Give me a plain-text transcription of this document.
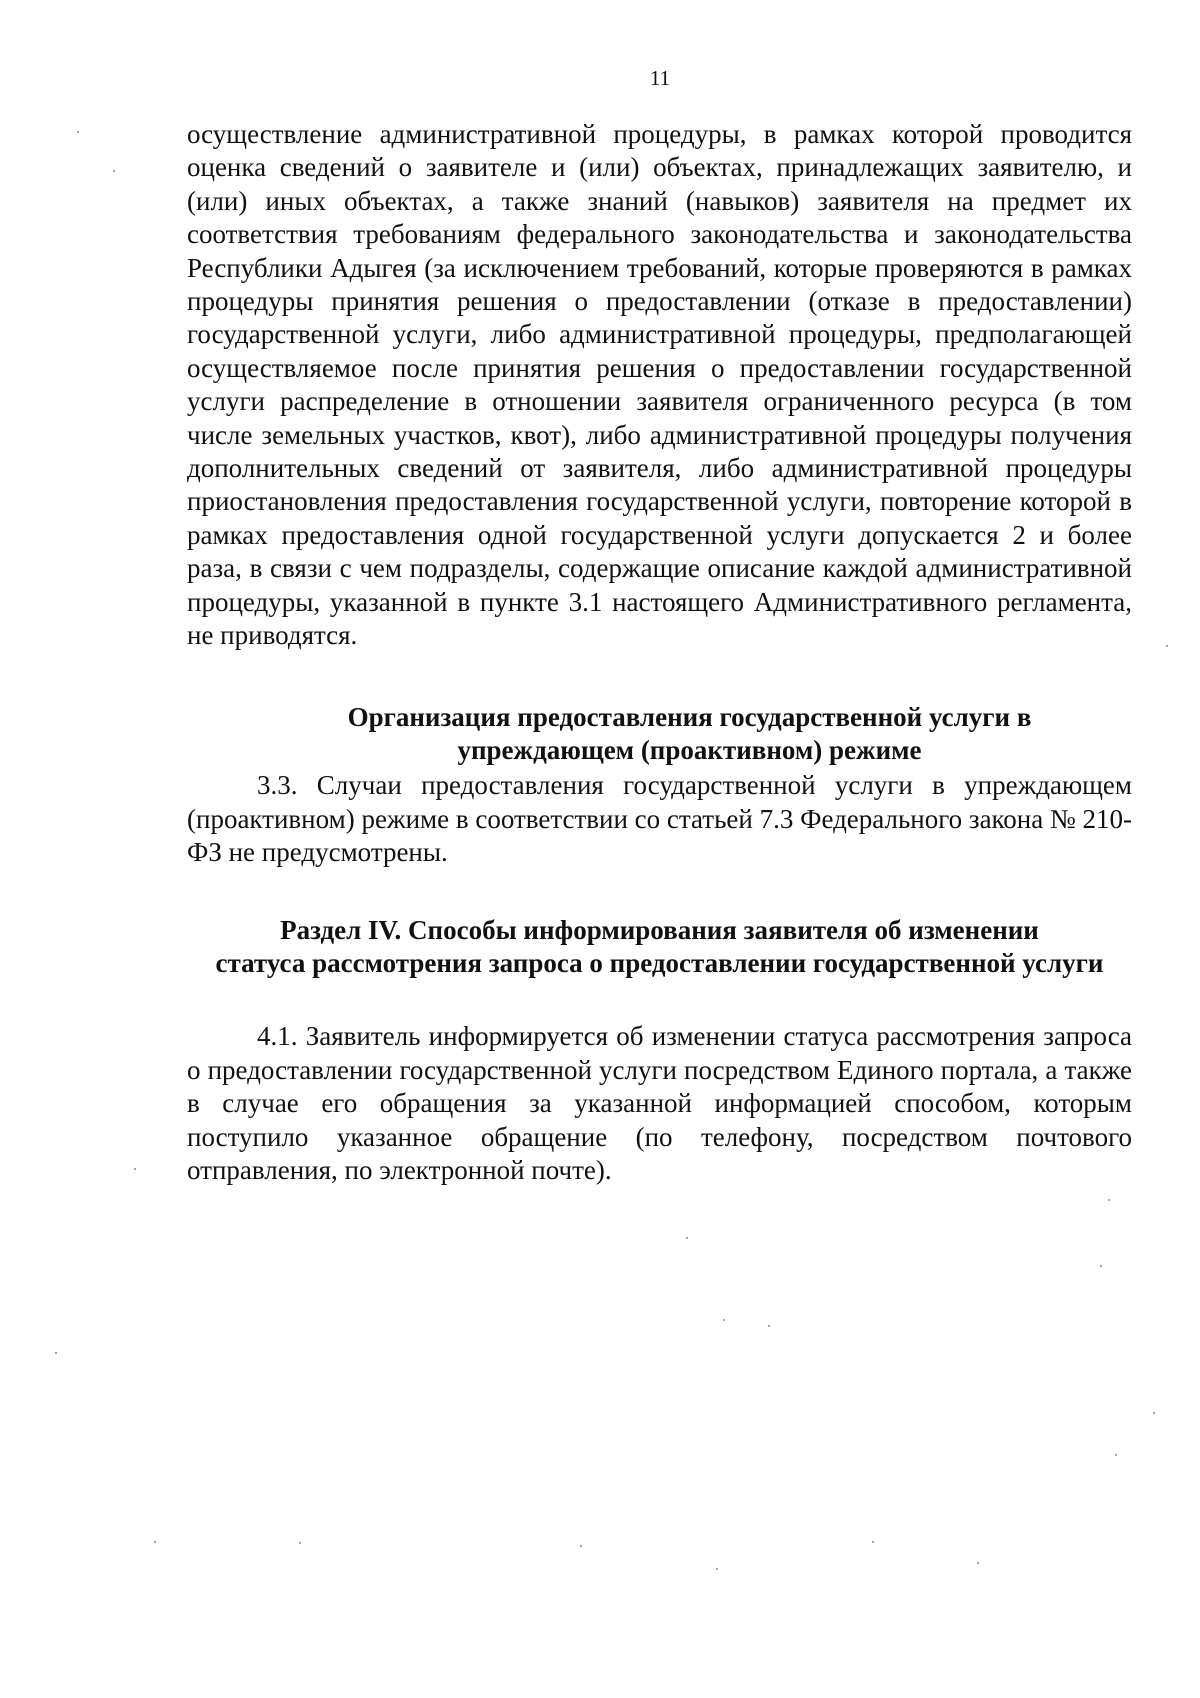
11

осуществление административной процедуры, в рамках которой проводится оценка сведений о заявителе и (или) объектах, принадлежащих заявителю, и (или) иных объектах, а также знаний (навыков) заявителя на предмет их соответствия требованиям федерального законодательства и законодательства Республики Адыгея (за исключением требований, которые проверяются в рамках процедуры принятия решения о предоставлении (отказе в предоставлении) государственной услуги, либо административной процедуры, предполагающей осуществляемое после принятия решения о предоставлении государственной услуги распределение в отношении заявителя ограниченного ресурса (в том числе земельных участков, квот), либо административной процедуры получения дополнительных сведений от заявителя, либо административной процедуры приостановления предоставления государственной услуги, повторение которой в рамках предоставления одной государственной услуги допускается 2 и более раза, в связи с чем подразделы, содержащие описание каждой административной процедуры, указанной в пункте 3.1 настоящего Административного регламента, не приводятся.

Организация предоставления государственной услуги в
упреждающем (проактивном) режиме

3.3. Случаи предоставления государственной услуги в упреждающем (проактивном) режиме в соответствии со статьей 7.3 Федерального закона № 210-ФЗ не предусмотрены.

Раздел IV. Способы информирования заявителя об изменении
статуса рассмотрения запроса о предоставлении государственной услуги

4.1. Заявитель информируется об изменении статуса рассмотрения запроса о предоставлении государственной услуги посредством Единого портала, а также в случае его обращения за указанной информацией способом, которым поступило указанное обращение (по телефону, посредством почтового отправления, по электронной почте).
